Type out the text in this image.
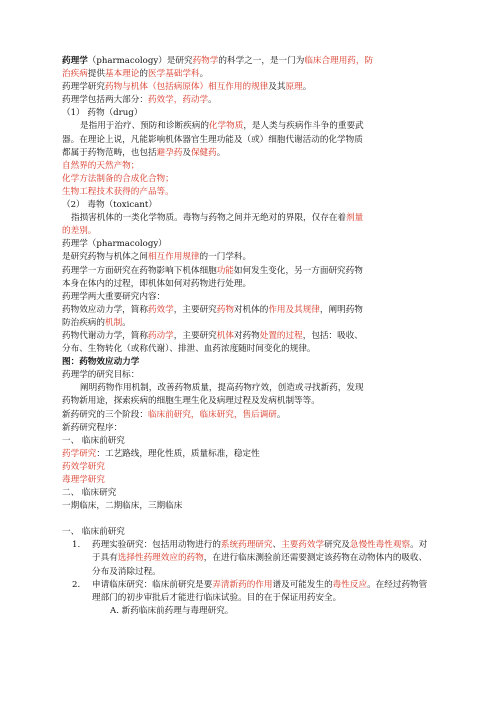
药理学（pharmacology）是研究药物学的科学之一，是一门为临床合理用药，防
治疾病提供基本理论的医学基础学科。
药理学研究药物与机体（包括病原体）相互作用的规律及其原理。
药理学包括两大部分：药效学，药动学。
（1） 药物（drug）
是指用于治疗、预防和诊断疾病的化学物质，是人类与疾病作斗争的重要武
器。在理论上说，凡能影响机体器官生理功能及（或）细胞代谢活动的化学物质
都属于药物范畴，也包括避孕药及保健药。
自然界的天然产物；
化学方法制备的合成化合物；
生物工程技术获得的产品等。
（2） 毒物（toxicant）
指损害机体的一类化学物质。毒物与药物之间并无绝对的界限，仅存在着剂量
的差别。
药理学（pharmacology）
是研究药物与机体之间相互作用规律的一门学科。
药理学一方面研究在药物影响下机体细胞功能如何发生变化，另一方面研究药物
本身在体内的过程，即机体如何对药物进行处理。
药理学两大重要研究内容：
药物效应动力学，简称药效学，主要研究药物对机体的作用及其规律，阐明药物
防治疾病的机制。
药物代谢动力学，简称药动学，主要研究机体对药物处置的过程，包括：吸收、
分布、生物转化（或称代谢）、排泄、血药浓度随时间变化的规律。
图：药物效应动力学
药理学的研究目标：
阐明药物作用机制，改善药物质量，提高药物疗效，创造或寻找新药，发现
药物新用途，探索疾病的细胞生理生化及病理过程及发病机制等等。
新药研究的三个阶段：临床前研究，临床研究，售后调研。
新药研究程序：
一、 临床前研究
药学研究：工艺路线，理化性质，质量标准，稳定性
药效学研究
毒理学研究
二、 临床研究
一期临床，二期临床，三期临床
一、 临床前研究
1.	药理实验研究：包括用动物进行的系统药理研究、主要药效学研究及急慢性毒性观察。对于具有选择性药理效应的药物，在进行临床测验前还需要测定该药物在动物体内的吸收、分布及消除过程。
2.	申请临床研究：临床前研究是要弄清新药的作用谱及可能发生的毒性反应。在经过药物管理部门的初步审批后才能进行临床试验。目的在于保证用药安全。
A. 新药临床前药理与毒理研究。
